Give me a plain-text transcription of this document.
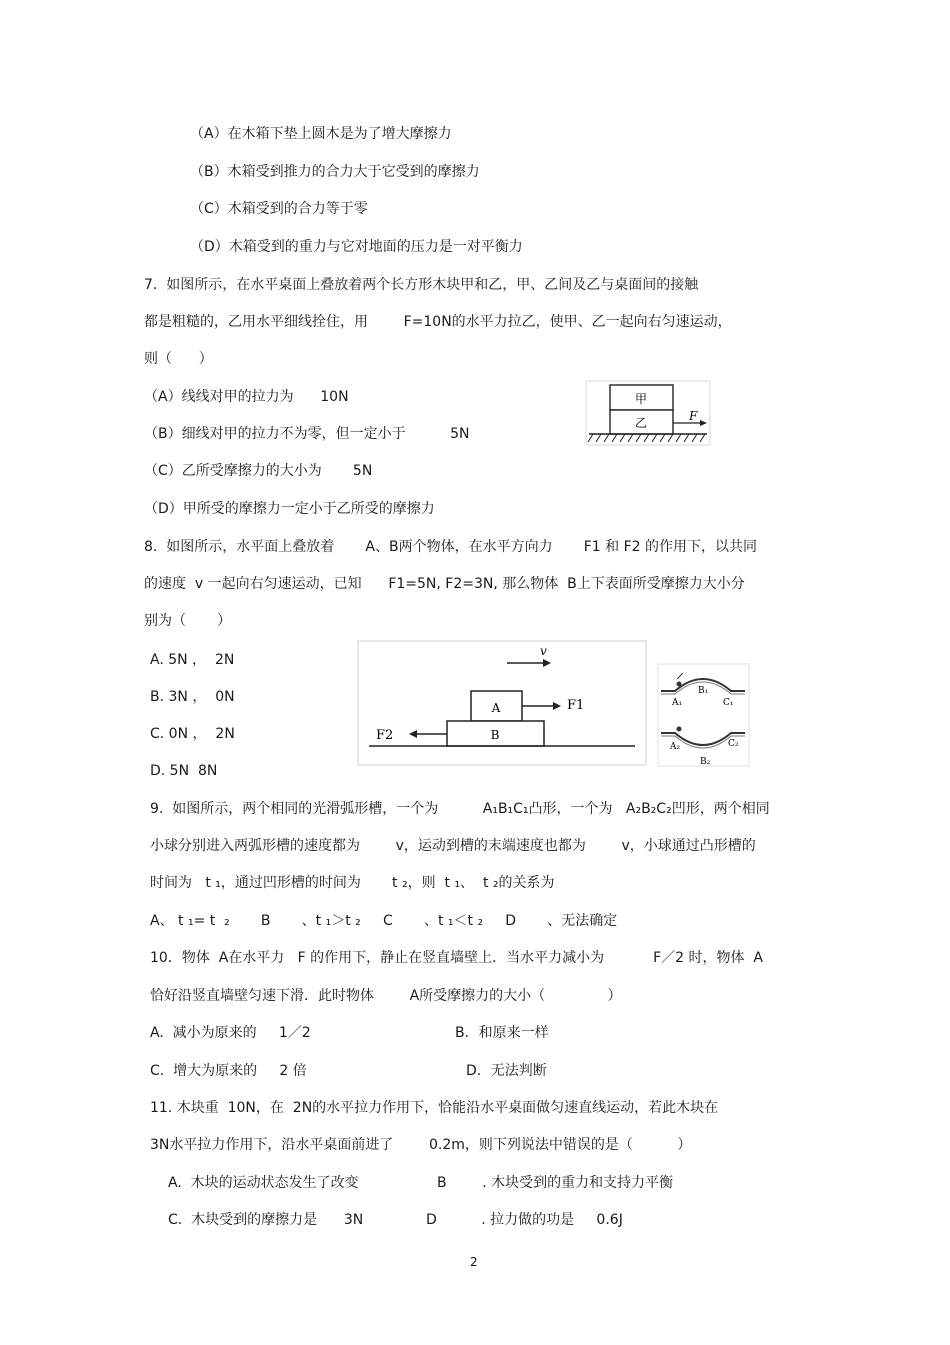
（A）在木箱下垫上圆木是为了增大摩擦力
（B）木箱受到推力的合力大于它受到的摩擦力
（C）木箱受到的合力等于零
（D）木箱受到的重力与它对地面的压力是一对平衡力
7.  如图所示，在水平桌面上叠放着两个长方形木块甲和乙，甲、乙间及乙与桌面间的接触
都是粗糙的，乙用水平细线拴住，用        F=10N的水平力拉乙，使甲、乙一起向右匀速运动，
则（      ）
（A）线线对甲的拉力为      10N
（B）细线对甲的拉力不为零，但一定小于          5N
（C）乙所受摩擦力的大小为       5N
（D）甲所受的摩擦力一定小于乙所受的摩擦力
甲
乙	F
8.  如图所示，水平面上叠放着       A、B两个物体，在水平方向力       F1 和 F2 的作用下，以共同
的速度  v 一起向右匀速运动，已知      F1=5N, F2=3N, 那么物体  B上下表面所受摩擦力大小分
别为（       ）
A. 5N ，  2N
B. 3N ，  0N
C. 0N ，  2N
D. 5N  8N
v
A
B
F1
F2
A₁
B₁
C₁
A₂
B₂
C₂
9.  如图所示，两个相同的光滑弧形槽，一个为          A₁B₁C₁凸形，一个为   A₂B₂C₂凹形，两个相同
小球分别进入两弧形槽的速度都为        v，运动到槽的末端速度也都为        v，小球通过凸形槽的
时间为   t ₁，通过凹形槽的时间为       t ₂，则  t ₁、  t ₂的关系为
A、 t ₁= t  ₂       B       、t ₁＞t ₂     C       、t ₁＜t ₂     D       、无法确定
10．物体  A在水平力   F 的作用下，静止在竖直墙壁上．当水平力减小为           F／2 时，物体  A
恰好沿竖直墙壁匀速下滑．此时物体        A所受摩擦力的大小（              ）
A.  减小为原来的     1／2	B．和原来一样
C.  增大为原来的     2 倍	D．无法判断
11. 木块重  10N，在  2N的水平拉力作用下，恰能沿水平桌面做匀速直线运动，若此木块在
3N水平拉力作用下，沿水平桌面前进了        0.2m，则下列说法中错误的是（          ）
A.  木块的运动状态发生了改变	B        . 木块受到的重力和支持力平衡
C.  木块受到的摩擦力是      3N	D          . 拉力做的功是     0.6J
2
